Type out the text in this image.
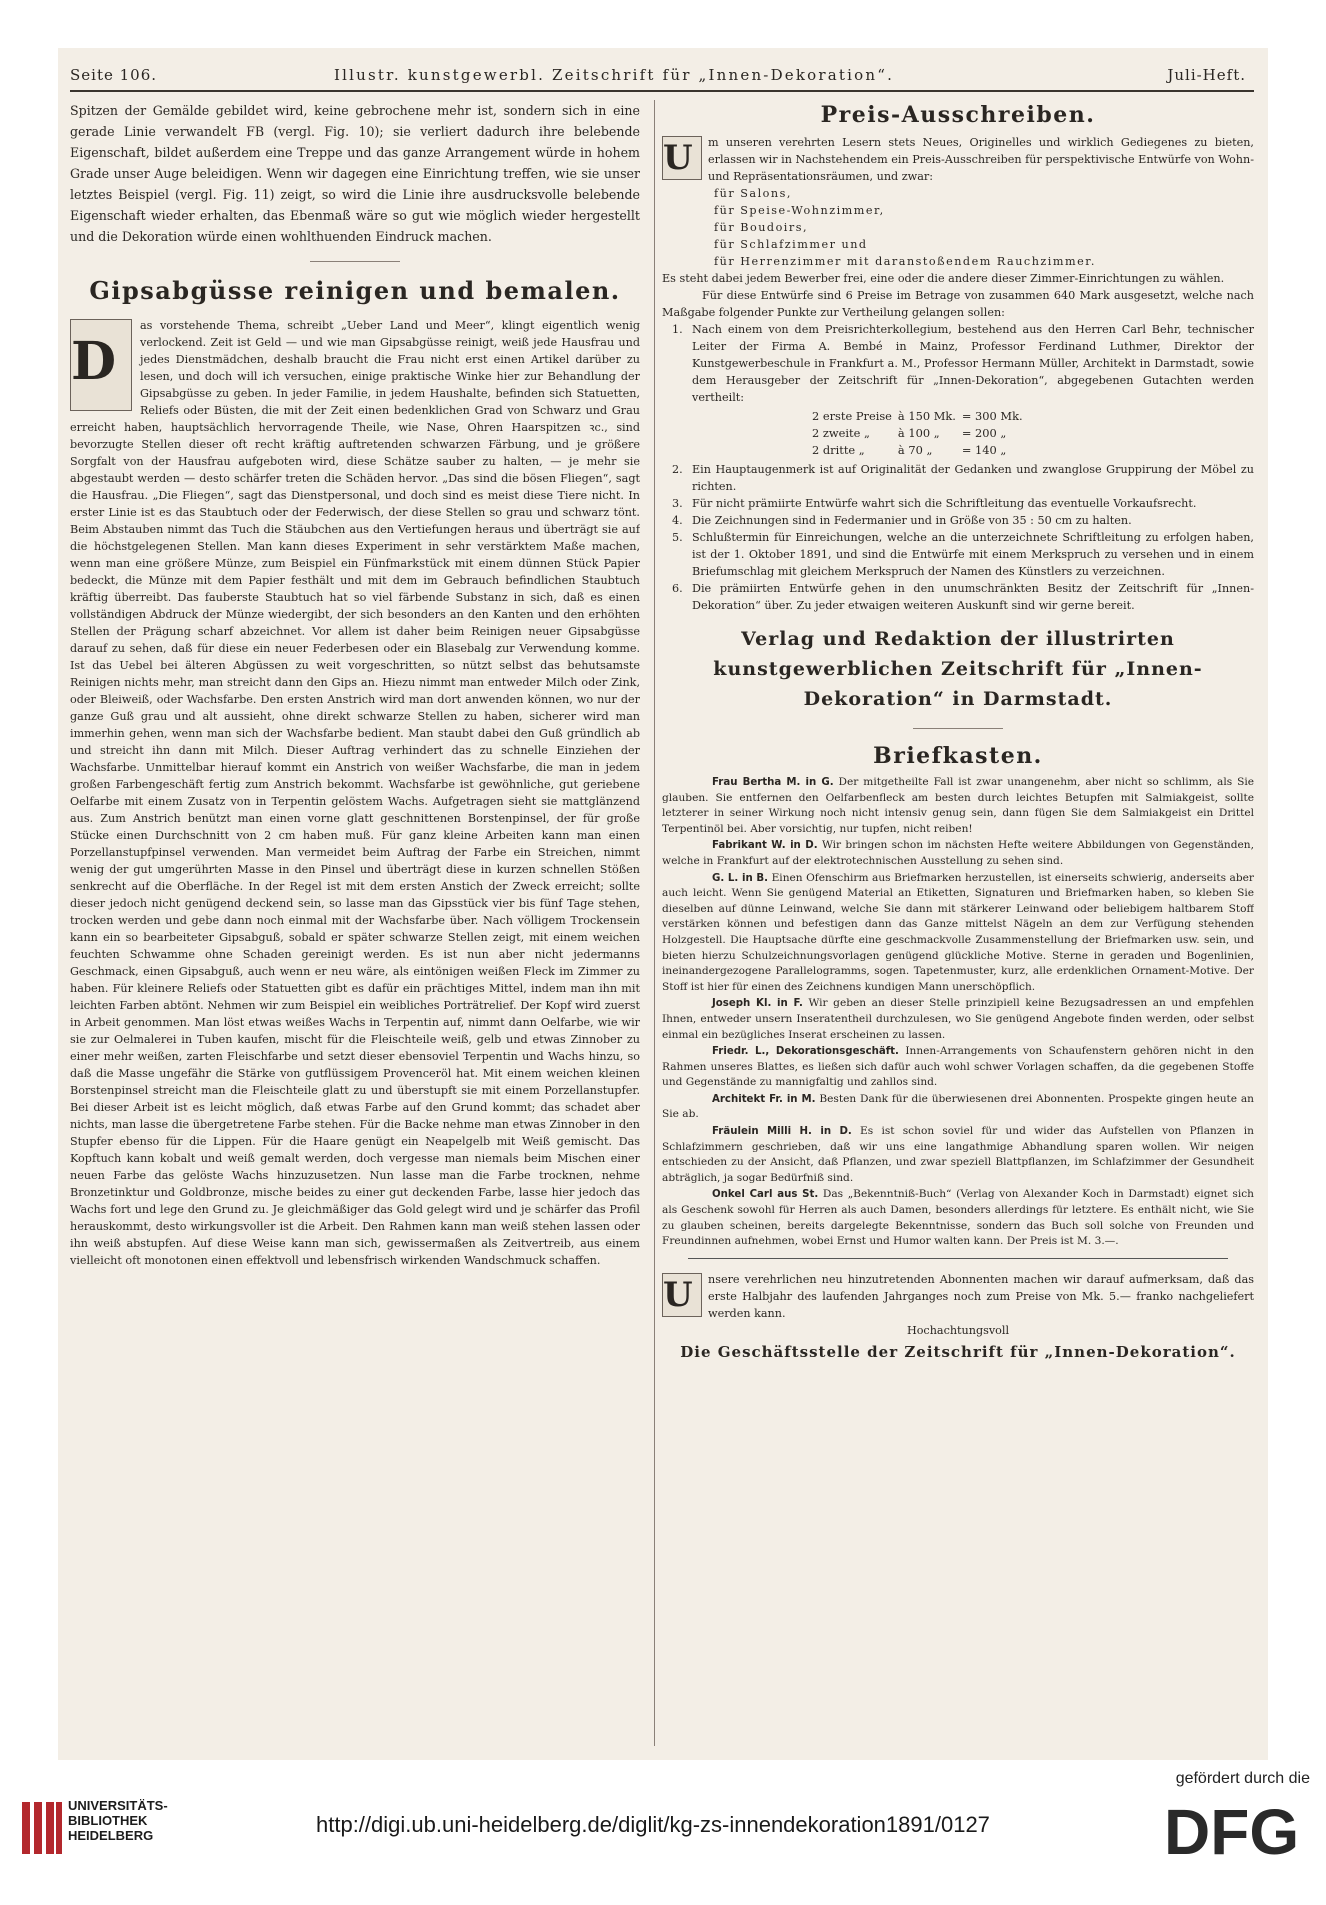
Seite 106.	Illustr. kunstgewerbl. Zeitschrift für „Innen-Dekoration“.	Juli-Heft.

Spitzen der Gemälde gebildet wird, keine gebrochene mehr ist, sondern sich in eine gerade Linie verwandelt FB (vergl. Fig. 10); sie verliert dadurch ihre belebende Eigenschaft, bildet außerdem eine Treppe und das ganze Arrangement würde in hohem Grade unser Auge beleidigen. Wenn wir dagegen eine Einrichtung treffen, wie sie unser letztes Beispiel (vergl. Fig. 11) zeigt, so wird die Linie ihre ausdrucksvolle belebende Eigenschaft wieder erhalten, das Ebenmaß wäre so gut wie möglich wieder hergestellt und die Dekoration würde einen wohlthuenden Eindruck machen.

Gipsabgüsse reinigen und bemalen.
D
as vorstehende Thema, schreibt „Ueber Land und Meer“, klingt eigentlich wenig verlockend. Zeit ist Geld — und wie man Gipsabgüsse reinigt, weiß jede Hausfrau und jedes Dienstmädchen, deshalb braucht die Frau nicht erst einen Artikel darüber zu lesen, und doch will ich versuchen, einige praktische Winke hier zur Behandlung der Gipsabgüsse zu geben. In jeder Familie, in jedem Haushalte, befinden sich Statuetten, Reliefs oder Büsten, die mit der Zeit einen bedenklichen Grad von Schwarz und Grau erreicht haben, hauptsächlich hervorragende Theile, wie Nase, Ohren Haarspitzen ꝛc., sind bevorzugte Stellen dieser oft recht kräftig auftretenden schwarzen Färbung, und je größere Sorgfalt von der Hausfrau aufgeboten wird, diese Schätze sauber zu halten, — je mehr sie abgestaubt werden — desto schärfer treten die Schäden hervor. „Das sind die bösen Fliegen“, sagt die Hausfrau. „Die Fliegen“, sagt das Dienstpersonal, und doch sind es meist diese Tiere nicht. In erster Linie ist es das Staubtuch oder der Federwisch, der diese Stellen so grau und schwarz tönt. Beim Abstauben nimmt das Tuch die Stäubchen aus den Vertiefungen heraus und überträgt sie auf die höchstgelegenen Stellen. Man kann dieses Experiment in sehr verstärktem Maße machen, wenn man eine größere Münze, zum Beispiel ein Fünfmarkstück mit einem dünnen Stück Papier bedeckt, die Münze mit dem Papier festhält und mit dem im Gebrauch befindlichen Staubtuch kräftig überreibt. Das fauberste Staubtuch hat so viel färbende Substanz in sich, daß es einen vollständigen Abdruck der Münze wiedergibt, der sich besonders an den Kanten und den erhöhten Stellen der Prägung scharf abzeichnet. Vor allem ist daher beim Reinigen neuer Gipsabgüsse darauf zu sehen, daß für diese ein neuer Federbesen oder ein Blasebalg zur Verwendung komme. Ist das Uebel bei älteren Abgüssen zu weit vorgeschritten, so nützt selbst das behutsamste Reinigen nichts mehr, man streicht dann den Gips an. Hiezu nimmt man entweder Milch oder Zink, oder Bleiweiß, oder Wachsfarbe. Den ersten Anstrich wird man dort anwenden können, wo nur der ganze Guß grau und alt aussieht, ohne direkt schwarze Stellen zu haben, sicherer wird man immerhin gehen, wenn man sich der Wachsfarbe bedient. Man staubt dabei den Guß gründlich ab und streicht ihn dann mit Milch. Dieser Auftrag verhindert das zu schnelle Einziehen der Wachsfarbe. Unmittelbar hierauf kommt ein Anstrich von weißer Wachsfarbe, die man in jedem großen Farbengeschäft fertig zum Anstrich bekommt. Wachsfarbe ist gewöhnliche, gut geriebene Oelfarbe mit einem Zusatz von in Terpentin gelöstem Wachs. Aufgetragen sieht sie mattglänzend aus. Zum Anstrich benützt man einen vorne glatt geschnittenen Borstenpinsel, der für große Stücke einen Durchschnitt von 2 cm haben muß. Für ganz kleine Arbeiten kann man einen Porzellanstupfpinsel verwenden. Man vermeidet beim Auftrag der Farbe ein Streichen, nimmt wenig der gut umgerührten Masse in den Pinsel und überträgt diese in kurzen schnellen Stößen senkrecht auf die Oberfläche. In der Regel ist mit dem ersten Anstich der Zweck erreicht; sollte dieser jedoch nicht genügend deckend sein, so lasse man das Gipsstück vier bis fünf Tage stehen, trocken werden und gebe dann noch einmal mit der Wachsfarbe über. Nach völligem Trockensein kann ein so bearbeiteter Gipsabguß, sobald er später schwarze Stellen zeigt, mit einem weichen feuchten Schwamme ohne Schaden gereinigt werden. Es ist nun aber nicht jedermanns Geschmack, einen Gipsabguß, auch wenn er neu wäre, als eintönigen weißen Fleck im Zimmer zu haben. Für kleinere Reliefs oder Statuetten gibt es dafür ein prächtiges Mittel, indem man ihn mit leichten Farben abtönt. Nehmen wir zum Beispiel ein weibliches Porträtrelief. Der Kopf wird zuerst in Arbeit genommen. Man löst etwas weißes Wachs in Terpentin auf, nimmt dann Oelfarbe, wie wir sie zur Oelmalerei in Tuben kaufen, mischt für die Fleischteile weiß, gelb und etwas Zinnober zu einer mehr weißen, zarten Fleischfarbe und setzt dieser ebensoviel Terpentin und Wachs hinzu, so daß die Masse ungefähr die Stärke von gutflüssigem Provenceröl hat. Mit einem weichen kleinen Borstenpinsel streicht man die Fleischteile glatt zu und überstupft sie mit einem Porzellanstupfer. Bei dieser Arbeit ist es leicht möglich, daß etwas Farbe auf den Grund kommt; das schadet aber nichts, man lasse die übergetretene Farbe stehen. Für die Backe nehme man etwas Zinnober in den Stupfer ebenso für die Lippen. Für die Haare genügt ein Neapelgelb mit Weiß gemischt. Das Kopftuch kann kobalt und weiß gemalt werden, doch vergesse man niemals beim Mischen einer neuen Farbe das gelöste Wachs hinzuzusetzen. Nun lasse man die Farbe trocknen, nehme Bronzetinktur und Goldbronze, mische beides zu einer gut deckenden Farbe, lasse hier jedoch das Wachs fort und lege den Grund zu. Je gleichmäßiger das Gold gelegt wird und je schärfer das Profil herauskommt, desto wirkungsvoller ist die Arbeit. Den Rahmen kann man weiß stehen lassen oder ihn weiß abstupfen. Auf diese Weise kann man sich, gewissermaßen als Zeitvertreib, aus einem vielleicht oft monotonen einen effektvoll und lebensfrisch wirkenden Wandschmuck schaffen.
Preis-Ausschreiben.
U	m unseren verehrten Lesern stets Neues, Originelles und wirklich Gediegenes zu bieten, erlassen wir in Nachstehendem ein Preis-Ausschreiben für perspektivische Entwürfe von Wohn- und Repräsentationsräumen, und zwar:
für Salons,
für Speise-Wohnzimmer,
für Boudoirs,
für Schlafzimmer und
für Herrenzimmer mit daranstoßendem Rauchzimmer.

Es steht dabei jedem Bewerber frei, eine oder die andere dieser Zimmer-Einrichtungen zu wählen.

Für diese Entwürfe sind 6 Preise im Betrage von zusammen 640 Mark ausgesetzt, welche nach Maßgabe folgender Punkte zur Vertheilung gelangen sollen:

1. Nach einem von dem Preisrichterkollegium, bestehend aus den Herren Carl Behr, technischer Leiter der Firma A. Bembé in Mainz, Professor Ferdinand Luthmer, Direktor der Kunstgewerbeschule in Frankfurt a. M., Professor Hermann Müller, Architekt in Darmstadt, sowie dem Herausgeber der Zeitschrift für „Innen-Dekoration“, abgegebenen Gutachten werden vertheilt:
2 erste Preise	à 150 Mk.	= 300 Mk.
2 zweite „	à 100 „	= 200 „
2 dritte „	à 70 „	= 140 „
2. Ein Hauptaugenmerk ist auf Originalität der Gedanken und zwanglose Gruppirung der Möbel zu richten.
3. Für nicht prämiirte Entwürfe wahrt sich die Schriftleitung das eventuelle Vorkaufsrecht.
4. Die Zeichnungen sind in Federmanier und in Größe von 35 : 50 cm zu halten.
5. Schlußtermin für Einreichungen, welche an die unterzeichnete Schriftleitung zu erfolgen haben, ist der 1. Oktober 1891, und sind die Entwürfe mit einem Merkspruch zu versehen und in einem Briefumschlag mit gleichem Merkspruch der Namen des Künstlers zu verzeichnen.
6. Die prämiirten Entwürfe gehen in den unumschränkten Besitz der Zeitschrift für „Innen-Dekoration“ über. Zu jeder etwaigen weiteren Auskunft sind wir gerne bereit.
Verlag und Redaktion der illustrirten kunstgewerblichen Zeitschrift für „Innen-Dekoration“ in Darmstadt.
Briefkasten.
Frau Bertha M. in G. Der mitgetheilte Fall ist zwar unangenehm, aber nicht so schlimm, als Sie glauben. Sie entfernen den Oelfarbenfleck am besten durch leichtes Betupfen mit Salmiakgeist, sollte letzterer in seiner Wirkung noch nicht intensiv genug sein, dann fügen Sie dem Salmiakgeist ein Drittel Terpentinöl bei. Aber vorsichtig, nur tupfen, nicht reiben!
Fabrikant W. in D. Wir bringen schon im nächsten Hefte weitere Abbildungen von Gegenständen, welche in Frankfurt auf der elektrotechnischen Ausstellung zu sehen sind.
G. L. in B. Einen Ofenschirm aus Briefmarken herzustellen, ist einerseits schwierig, anderseits aber auch leicht. Wenn Sie genügend Material an Etiketten, Signaturen und Briefmarken haben, so kleben Sie dieselben auf dünne Leinwand, welche Sie dann mit stärkerer Leinwand oder beliebigem haltbarem Stoff verstärken können und befestigen dann das Ganze mittelst Nägeln an dem zur Verfügung stehenden Holzgestell. Die Hauptsache dürfte eine geschmackvolle Zusammenstellung der Briefmarken usw. sein, und bieten hierzu Schulzeichnungsvorlagen genügend glückliche Motive. Sterne in geraden und Bogenlinien, ineinandergezogene Parallelogramms, sogen. Tapetenmuster, kurz, alle erdenklichen Ornament-Motive. Der Stoff ist hier für einen des Zeichnens kundigen Mann unerschöpflich.
Joseph Kl. in F. Wir geben an dieser Stelle prinzipiell keine Bezugsadressen an und empfehlen Ihnen, entweder unsern Inseratentheil durchzulesen, wo Sie genügend Angebote finden werden, oder selbst einmal ein bezügliches Inserat erscheinen zu lassen.
Friedr. L., Dekorationsgeschäft. Innen-Arrangements von Schaufenstern gehören nicht in den Rahmen unseres Blattes, es ließen sich dafür auch wohl schwer Vorlagen schaffen, da die gegebenen Stoffe und Gegenstände zu mannigfaltig und zahllos sind.
Architekt Fr. in M. Besten Dank für die überwiesenen drei Abonnenten. Prospekte gingen heute an Sie ab.
Fräulein Milli H. in D. Es ist schon soviel für und wider das Aufstellen von Pflanzen in Schlafzimmern geschrieben, daß wir uns eine langathmige Abhandlung sparen wollen. Wir neigen entschieden zu der Ansicht, daß Pflanzen, und zwar speziell Blattpflanzen, im Schlafzimmer der Gesundheit abträglich, ja sogar Bedürfniß sind.
Onkel Carl aus St. Das „Bekenntniß-Buch“ (Verlag von Alexander Koch in Darmstadt) eignet sich als Geschenk sowohl für Herren als auch Damen, besonders allerdings für letztere. Es enthält nicht, wie Sie zu glauben scheinen, bereits dargelegte Bekenntnisse, sondern das Buch soll solche von Freunden und Freundinnen aufnehmen, wobei Ernst und Humor walten kann. Der Preis ist M. 3.—.
U	nsere verehrlichen neu hinzutretenden Abonnenten machen wir darauf aufmerksam, daß das erste Halbjahr des laufenden Jahrganges noch zum Preise von Mk. 5.— franko nachgeliefert werden kann.
Hochachtungsvoll
Die Geschäftsstelle der Zeitschrift für „Innen-Dekoration“.
UNIVERSITÄTS-
BIBLIOTHEK
HEIDELBERG	http://digi.ub.uni-heidelberg.de/diglit/kg-zs-innendekoration1891/0127
gefördert durch die
DFG
